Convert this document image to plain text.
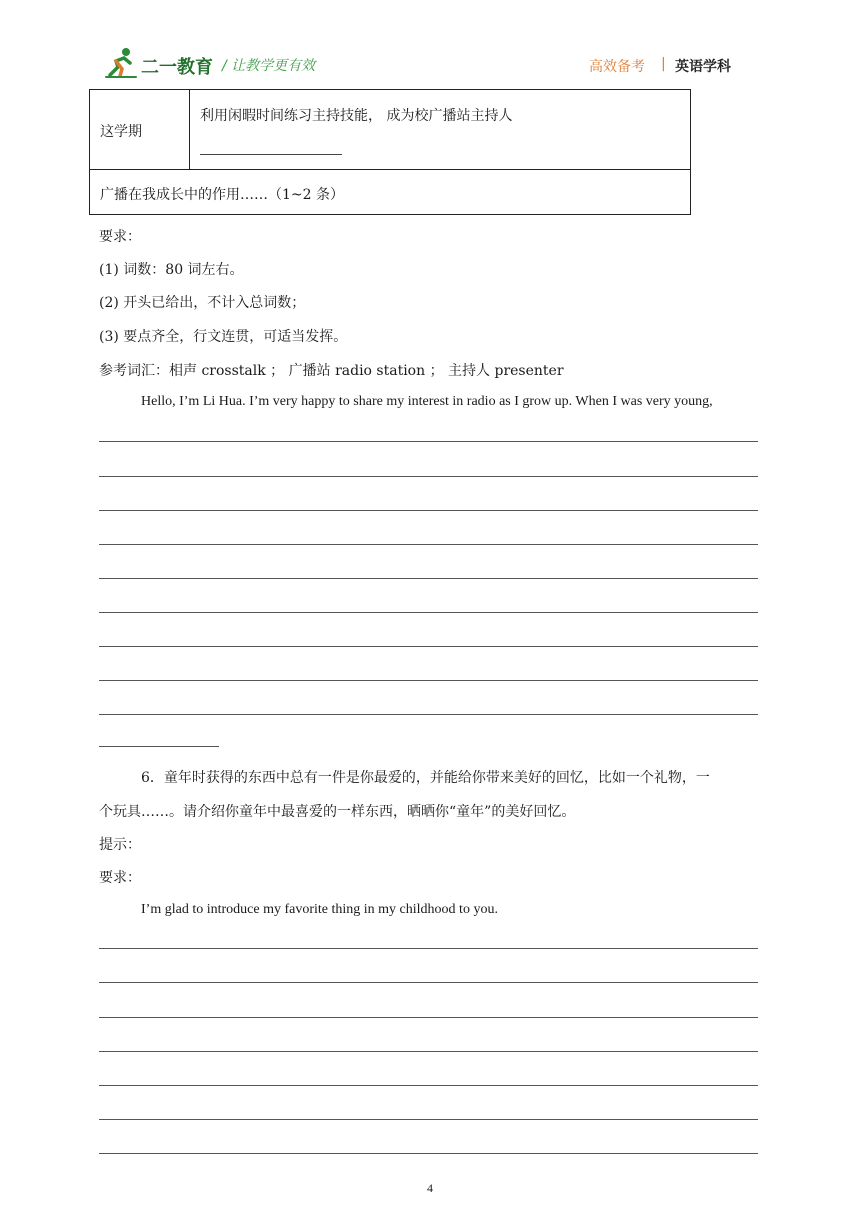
二一教育 / 让教学更有效	高效备考 | 英语学科
这学期
利用闲暇时间练习主持技能， 成为校广播站主持人
广播在我成长中的作用……（1~2 条）
要求：
(1) 词数：80 词左右。
(2) 开头已给出，不计入总词数；
(3) 要点齐全，行文连贯，可适当发挥。
参考词汇：相声 crosstalk ； 广播站 radio station ； 主持人 presenter
Hello, I’m Li Hua. I’m very happy to share my interest in radio as I grow up. When I was very young,
6．童年时获得的东西中总有一件是你最爱的，并能给你带来美好的回忆，比如一个礼物，一
个玩具……。请介绍你童年中最喜爱的一样东西，晒晒你“童年”的美好回忆。
提示：
要求：
I’m glad to introduce my favorite thing in my childhood to you.
4
